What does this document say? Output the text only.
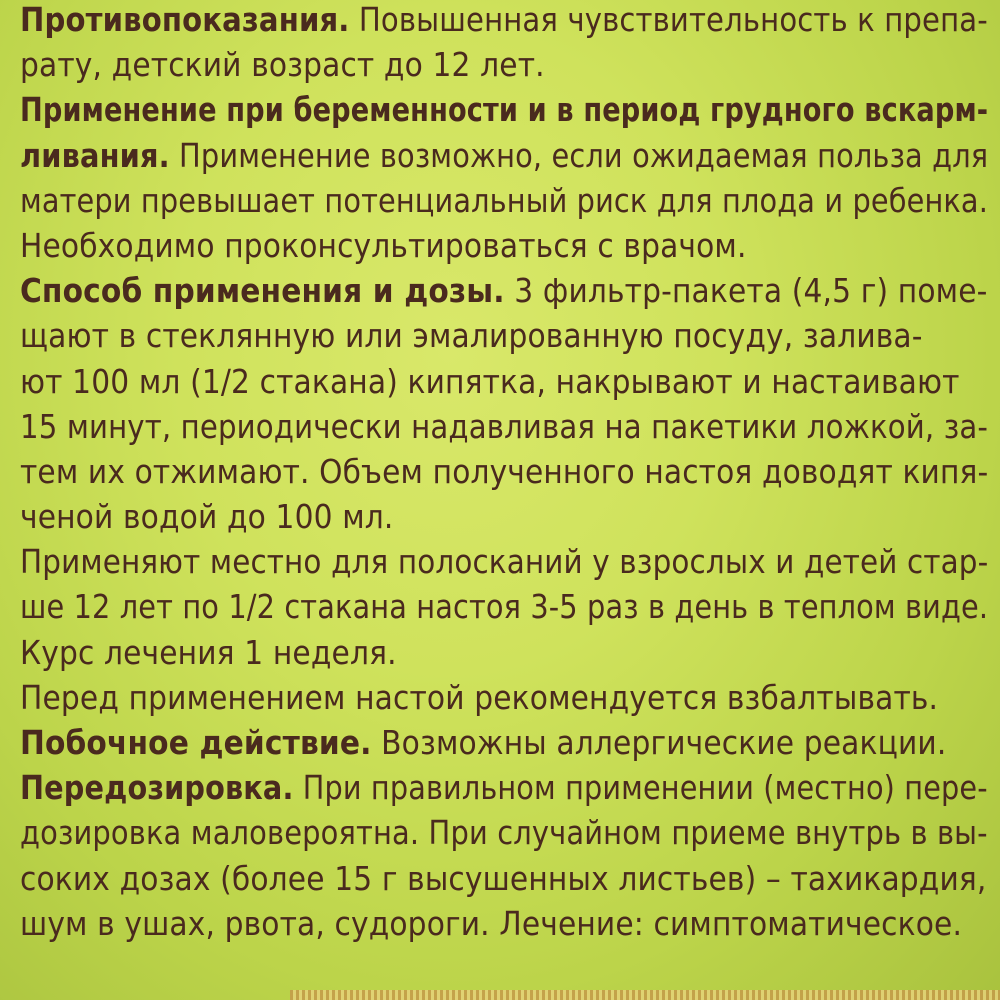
Противопоказания. Повышенная чувствительность к препа-
рату, детский возраст до 12 лет.
Применение при беременности и в период грудного вскарм-
ливания. Применение возможно, если ожидаемая польза для
матери превышает потенциальный риск для плода и ребенка.
Необходимо проконсультироваться с врачом.
Способ применения и дозы. 3 фильтр-пакета (4,5 г) поме-
щают в стеклянную или эмалированную посуду, залива-
ют 100 мл (1/2 стакана) кипятка, накрывают и настаивают
15 минут, периодически надавливая на пакетики ложкой, за-
тем их отжимают. Объем полученного настоя доводят кипя-
ченой водой до 100 мл.
Применяют местно для полосканий у взрослых и детей стар-
ше 12 лет по 1/2 стакана настоя 3-5 раз в день в теплом виде.
Курс лечения 1 неделя.
Перед применением настой рекомендуется взбалтывать.
Побочное действие. Возможны аллергические реакции.
Передозировка. При правильном применении (местно) пере-
дозировка маловероятна. При случайном приеме внутрь в вы-
соких дозах (более 15 г высушенных листьев) – тахикардия,
шум в ушах, рвота, судороги. Лечение: симптоматическое.
